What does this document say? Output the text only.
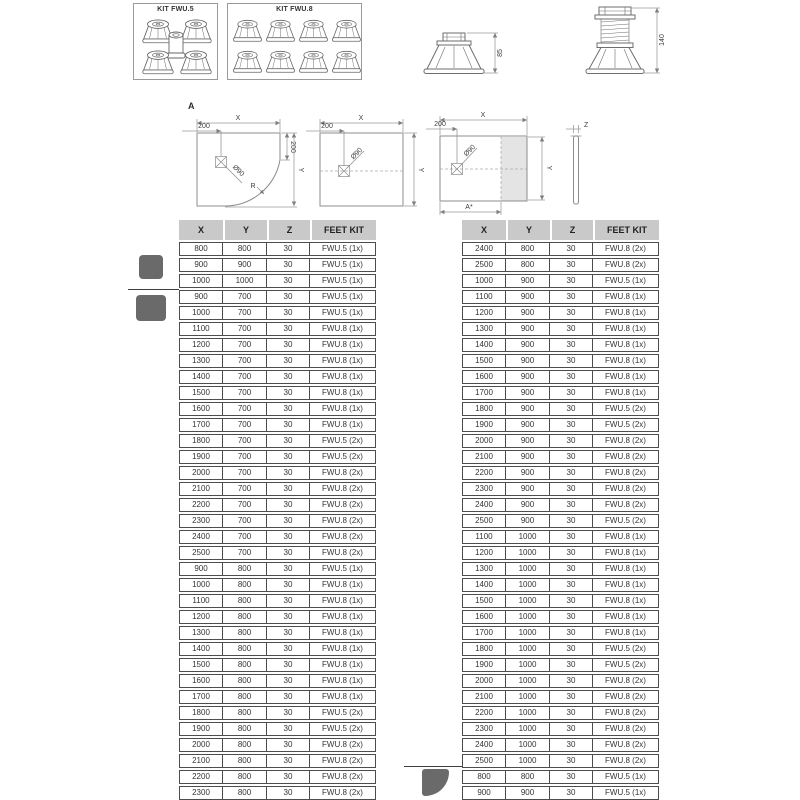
KIT FWU.5	KIT FWU.8
85
140
A
X
200
Ø90
R
200
Y
X
200
Ø90
Y
X
200
Ø90
Y
A*
Z
X	Y	Z	FEET KIT
800	800	30	FWU.5 (1x)
900	900	30	FWU.5 (1x)
1000	1000	30	FWU.5 (1x)
900	700	30	FWU.5 (1x)
1000	700	30	FWU.5 (1x)
1100	700	30	FWU.8 (1x)
1200	700	30	FWU.8 (1x)
1300	700	30	FWU.8 (1x)
1400	700	30	FWU.8 (1x)
1500	700	30	FWU.8 (1x)
1600	700	30	FWU.8 (1x)
1700	700	30	FWU.8 (1x)
1800	700	30	FWU.5 (2x)
1900	700	30	FWU.5 (2x)
2000	700	30	FWU.8 (2x)
2100	700	30	FWU.8 (2x)
2200	700	30	FWU.8 (2x)
2300	700	30	FWU.8 (2x)
2400	700	30	FWU.8 (2x)
2500	700	30	FWU.8 (2x)
900	800	30	FWU.5 (1x)
1000	800	30	FWU.8 (1x)
1100	800	30	FWU.8 (1x)
1200	800	30	FWU.8 (1x)
1300	800	30	FWU.8 (1x)
1400	800	30	FWU.8 (1x)
1500	800	30	FWU.8 (1x)
1600	800	30	FWU.8 (1x)
1700	800	30	FWU.8 (1x)
1800	800	30	FWU.5 (2x)
1900	800	30	FWU.5 (2x)
2000	800	30	FWU.8 (2x)
2100	800	30	FWU.8 (2x)
2200	800	30	FWU.8 (2x)
2300	800	30	FWU.8 (2x)
X	Y	Z	FEET KIT
2400	800	30	FWU.8 (2x)
2500	800	30	FWU.8 (2x)
1000	900	30	FWU.5 (1x)
1100	900	30	FWU.8 (1x)
1200	900	30	FWU.8 (1x)
1300	900	30	FWU.8 (1x)
1400	900	30	FWU.8 (1x)
1500	900	30	FWU.8 (1x)
1600	900	30	FWU.8 (1x)
1700	900	30	FWU.8 (1x)
1800	900	30	FWU.5 (2x)
1900	900	30	FWU.5 (2x)
2000	900	30	FWU.8 (2x)
2100	900	30	FWU.8 (2x)
2200	900	30	FWU.8 (2x)
2300	900	30	FWU.8 (2x)
2400	900	30	FWU.8 (2x)
2500	900	30	FWU.5 (2x)
1100	1000	30	FWU.8 (1x)
1200	1000	30	FWU.8 (1x)
1300	1000	30	FWU.8 (1x)
1400	1000	30	FWU.8 (1x)
1500	1000	30	FWU.8 (1x)
1600	1000	30	FWU.8 (1x)
1700	1000	30	FWU.8 (1x)
1800	1000	30	FWU.5 (2x)
1900	1000	30	FWU.5 (2x)
2000	1000	30	FWU.8 (2x)
2100	1000	30	FWU.8 (2x)
2200	1000	30	FWU.8 (2x)
2300	1000	30	FWU.8 (2x)
2400	1000	30	FWU.8 (2x)
2500	1000	30	FWU.8 (2x)
800	800	30	FWU.5 (1x)
900	900	30	FWU.5 (1x)
